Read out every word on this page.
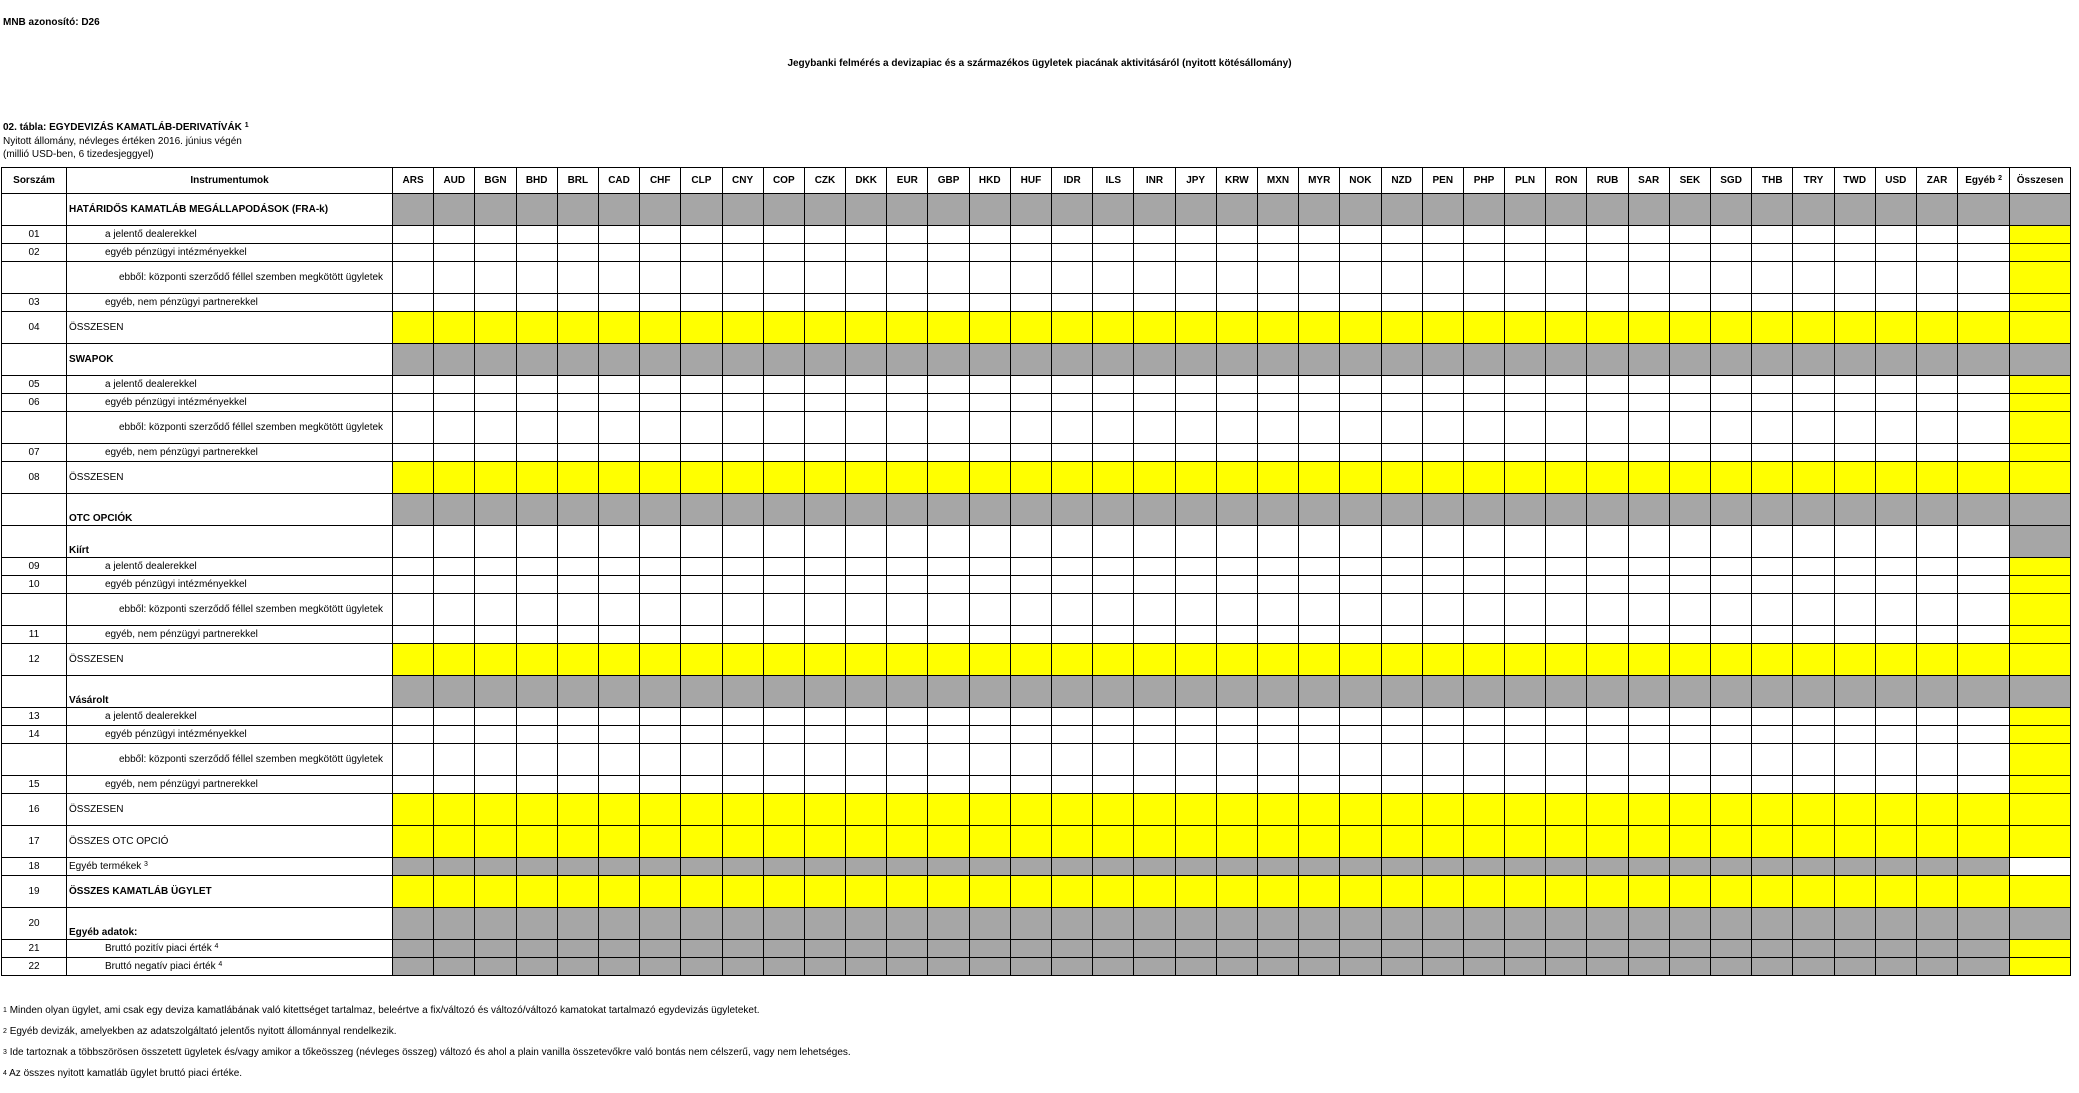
MNB azonosító: D26
Jegybanki felmérés a devizapiac és a származékos ügyletek piacának aktivitásáról (nyitott kötésállomány)
02. tábla: EGYDEVIZÁS KAMATLÁB-DERIVATÍVÁK $^1$
Nyitott állomány, névleges értéken 2016. június végén
(millió USD-ben, 6 tizedesjeggyel)
Sorszám	Instrumentumok	ARS	AUD	BGN	BHD	BRL	CAD	CHF	CLP	CNY	COP	CZK	DKK	EUR	GBP	HKD	HUF	IDR	ILS	INR	JPY	KRW	MXN	MYR	NOK	NZD	PEN	PHP	PLN	RON	RUB	SAR	SEK	SGD	THB	TRY	TWD	USD	ZAR	Egyéb $^2$	Összesen
	HATÁRIDŐS KAMATLÁB MEGÁLLAPODÁSOK (FRA-k)																																								
01	a jelentő dealerekkel																																								
02	egyéb pénzügyi intézményekkel																																								
	ebből: központi szerződő féllel szemben megkötött ügyletek																																								
03	egyéb, nem pénzügyi partnerekkel																																								
04	ÖSSZESEN																																								
	SWAPOK																																								
05	a jelentő dealerekkel																																								
06	egyéb pénzügyi intézményekkel																																								
	ebből: központi szerződő féllel szemben megkötött ügyletek																																								
07	egyéb, nem pénzügyi partnerekkel																																								
08	ÖSSZESEN																																								
	OTC OPCIÓK																																								
	Kiírt																																								
09	a jelentő dealerekkel																																								
10	egyéb pénzügyi intézményekkel																																								
	ebből: központi szerződő féllel szemben megkötött ügyletek																																								
11	egyéb, nem pénzügyi partnerekkel																																								
12	ÖSSZESEN																																								
	Vásárolt																																								
13	a jelentő dealerekkel																																								
14	egyéb pénzügyi intézményekkel																																								
	ebből: központi szerződő féllel szemben megkötött ügyletek																																								
15	egyéb, nem pénzügyi partnerekkel																																								
16	ÖSSZESEN																																								
17	ÖSSZES OTC OPCIÓ																																								
18	Egyéb termékek $^3$																																								
19	ÖSSZES KAMATLÁB ÜGYLET																																								
20	Egyéb adatok:																																								
21	Bruttó pozitív piaci érték $^4$																																								
22	Bruttó negatív piaci érték $^4$																																								
$^1$ Minden olyan ügylet, ami csak egy deviza kamatlábának való kitettséget tartalmaz, beleértve a fix/változó és változó/változó kamatokat tartalmazó egydevizás ügyleteket.
$^2$ Egyéb devizák, amelyekben az adatszolgáltató jelentős nyitott állománnyal rendelkezik.
$^3$ Ide tartoznak a többszörösen összetett ügyletek és/vagy amikor a tőkeösszeg (névleges összeg) változó és ahol a plain vanilla összetevőkre való bontás nem célszerű, vagy nem lehetséges.
$^4$ Az összes nyitott kamatláb ügylet bruttó piaci értéke.
